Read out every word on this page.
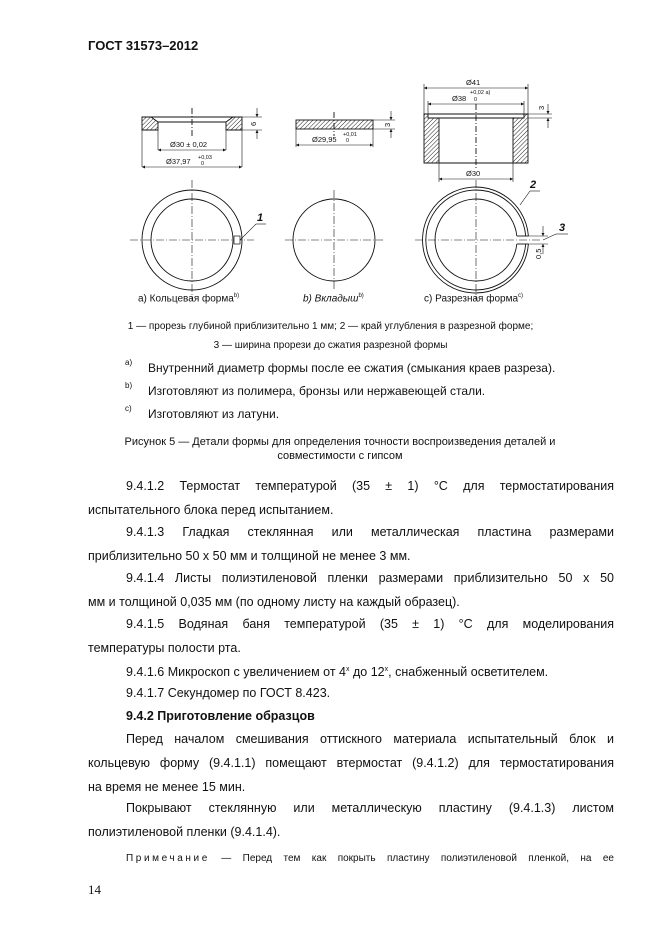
ГОСТ 31573–2012
Ø30 ± 0,02
Ø37,97 +0,03
0
6
Ø29,95 +0,01
0
3
Ø41
Ø38
+0,02 a)
0
3
Ø30
0,5
1
2
3
а) Кольцевая форма$^{b)}$	b) Вкладыш$^{b)}$	c) Разрезная форма$^{c)}$
1 — прорезь глубиной приблизительно 1 мм; 2 — край углубления в разрезной форме;
3 — ширина прорези до сжатия разрезной формы
a) Внутренний диаметр формы после ее сжатия (смыкания краев разреза).
b) Изготовляют из полимера, бронзы или нержавеющей стали.
c) Изготовляют из латуни.
Рисунок 5 — Детали формы для определения точности воспроизведения деталей и
совместимости с гипсом
9.4.1.2 Термостат температурой (35 ± 1) °С для термостатирования
испытательного блока перед испытанием.
9.4.1.3 Гладкая стеклянная или металлическая пластина размерами
приблизительно 50 х 50 мм и толщиной не менее 3 мм.
9.4.1.4 Листы полиэтиленовой пленки размерами приблизительно 50 х 50
мм и толщиной 0,035 мм (по одному листу на каждый образец).
9.4.1.5 Водяная баня температурой (35 ± 1) °С для моделирования
температуры полости рта.
9.4.1.6 Микроскоп с увеличением от $4^х$ до $12^х$, снабженный осветителем.
9.4.1.7 Секундомер по ГОСТ 8.423.
9.4.2 Приготовление образцов
Перед началом смешивания оттискного материала испытательный блок и
кольцевую форму (9.4.1.1) помещают втермостат (9.4.1.2) для термостатирования
на время не менее 15 мин.
Покрывают стеклянную или металлическую пластину (9.4.1.3) листом
полиэтиленовой пленки (9.4.1.4).
Примечание — Перед тем как покрыть пластину полиэтиленовой пленкой, на ее
14
